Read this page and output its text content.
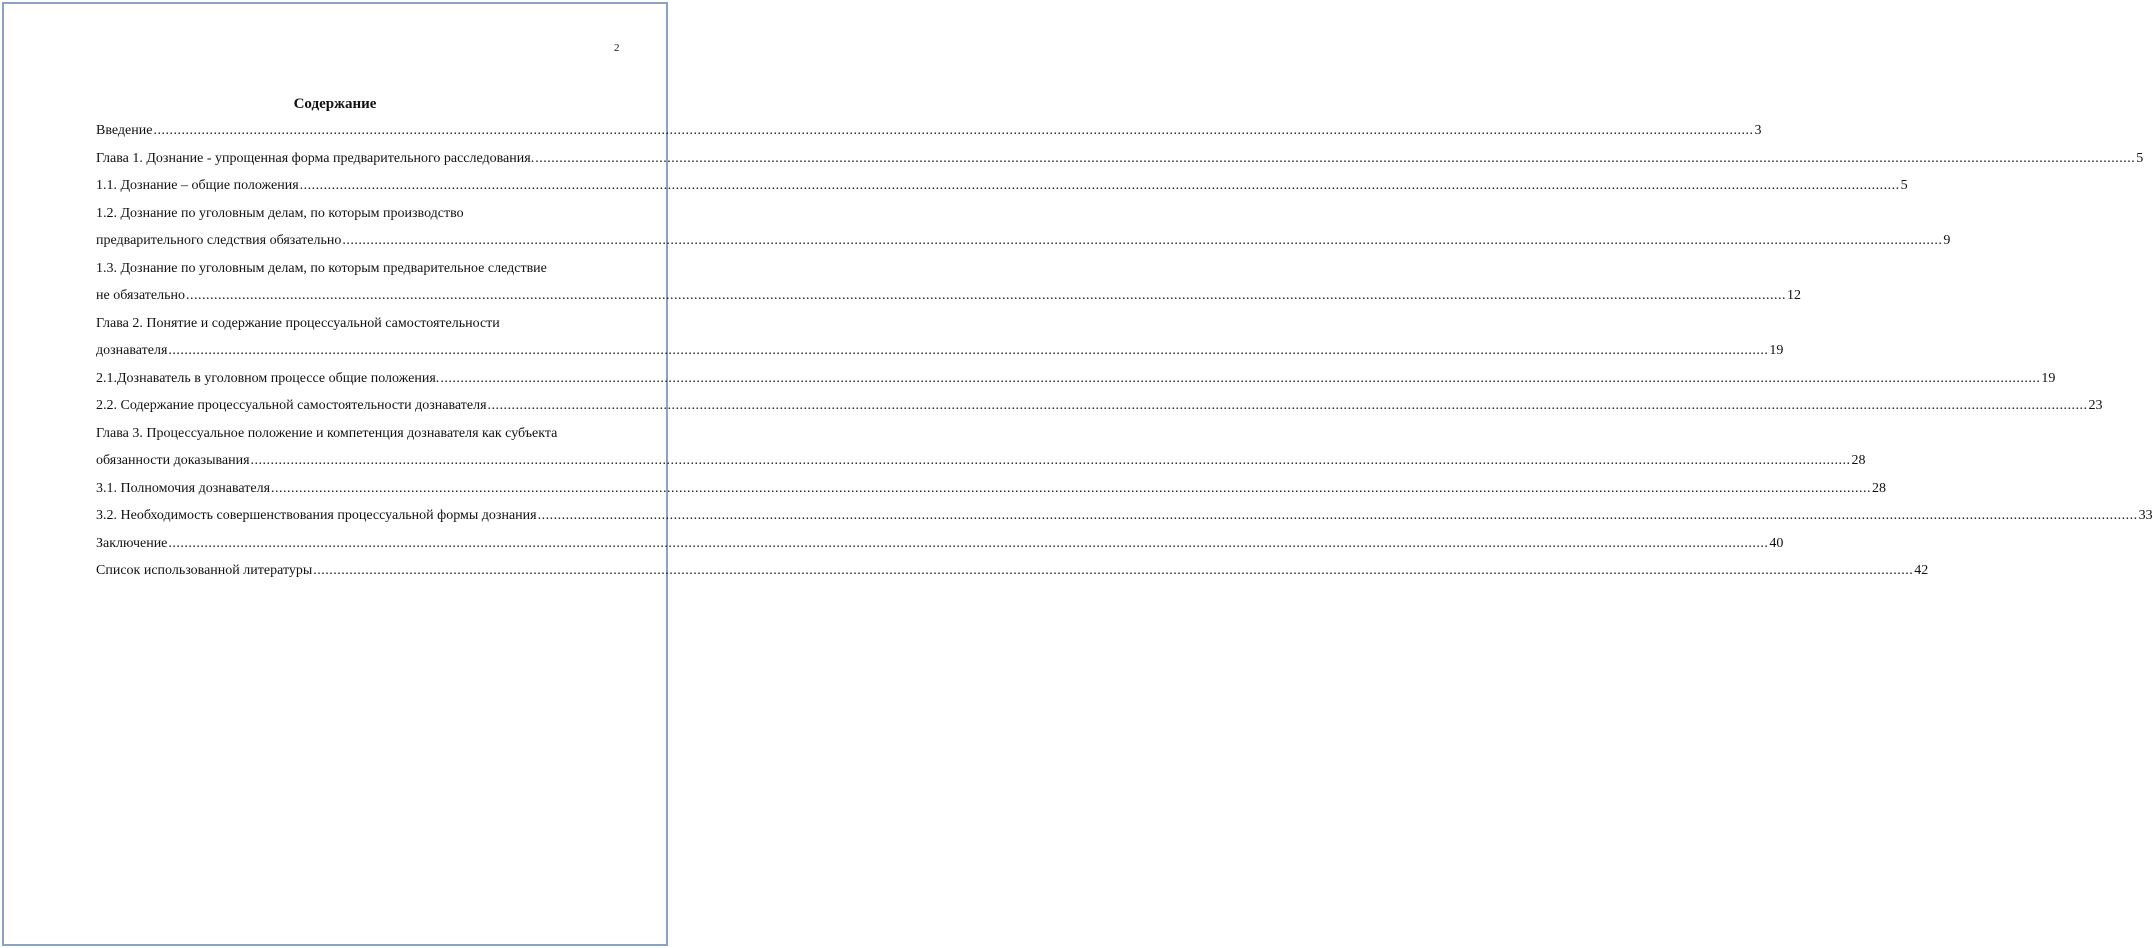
2
Содержание
Введение ................................................................................................................................................................................................................................................................................................................................................................................................................ 3
Глава 1. Дознание - упрощенная форма предварительного расследования. ................................................................................................................................................................................................................................................................................................................................................................................................................ 5
1.1. Дознание – общие положения ................................................................................................................................................................................................................................................................................................................................................................................................................ 5
1.2. Дознание по уголовным делам, по которым производство
предварительного следствия обязательно ................................................................................................................................................................................................................................................................................................................................................................................................................ 9
1.3. Дознание по уголовным делам, по которым предварительное следствие
не обязательно ................................................................................................................................................................................................................................................................................................................................................................................................................ 12
Глава 2. Понятие и содержание процессуальной самостоятельности
дознавателя ................................................................................................................................................................................................................................................................................................................................................................................................................ 19
2.1.Дознаватель в уголовном процессе общие положения. ................................................................................................................................................................................................................................................................................................................................................................................................................ 19
2.2. Содержание процессуальной самостоятельности дознавателя ................................................................................................................................................................................................................................................................................................................................................................................................................ 23
Глава 3. Процессуальное положение и компетенция дознавателя как субъекта
обязанности доказывания ................................................................................................................................................................................................................................................................................................................................................................................................................ 28
3.1. Полномочия дознавателя ................................................................................................................................................................................................................................................................................................................................................................................................................ 28
3.2. Необходимость совершенствования процессуальной формы дознания ................................................................................................................................................................................................................................................................................................................................................................................................................ 33
Заключение ................................................................................................................................................................................................................................................................................................................................................................................................................ 40
Список использованной литературы ................................................................................................................................................................................................................................................................................................................................................................................................................ 42
